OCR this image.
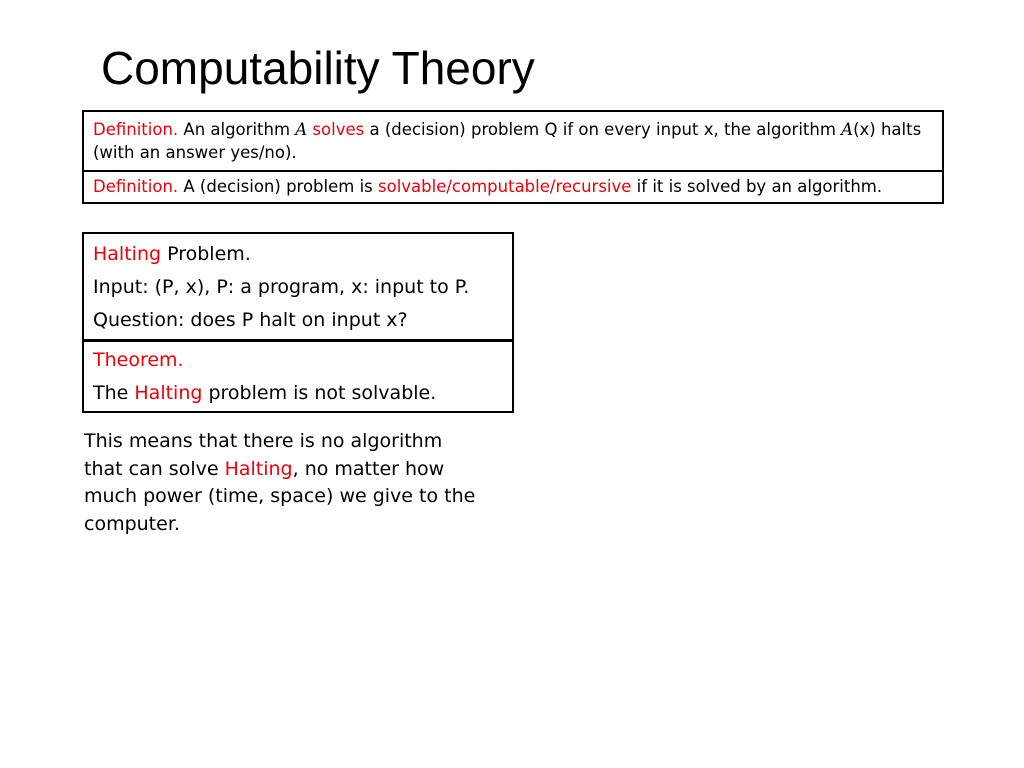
Computability Theory
Definition. An algorithm A solves a (decision) problem Q if on every input x, the algorithm A(x) halts (with an answer yes/no).
Definition. A (decision) problem is solvable/computable/recursive if it is solved by an algorithm.
Halting Problem.
Input: (P, x), P: a program, x: input to P.
Question: does P halt on input x?
Theorem.
The Halting problem is not solvable.
This means that there is no algorithm that can solve Halting, no matter how much power (time, space) we give to the computer.
